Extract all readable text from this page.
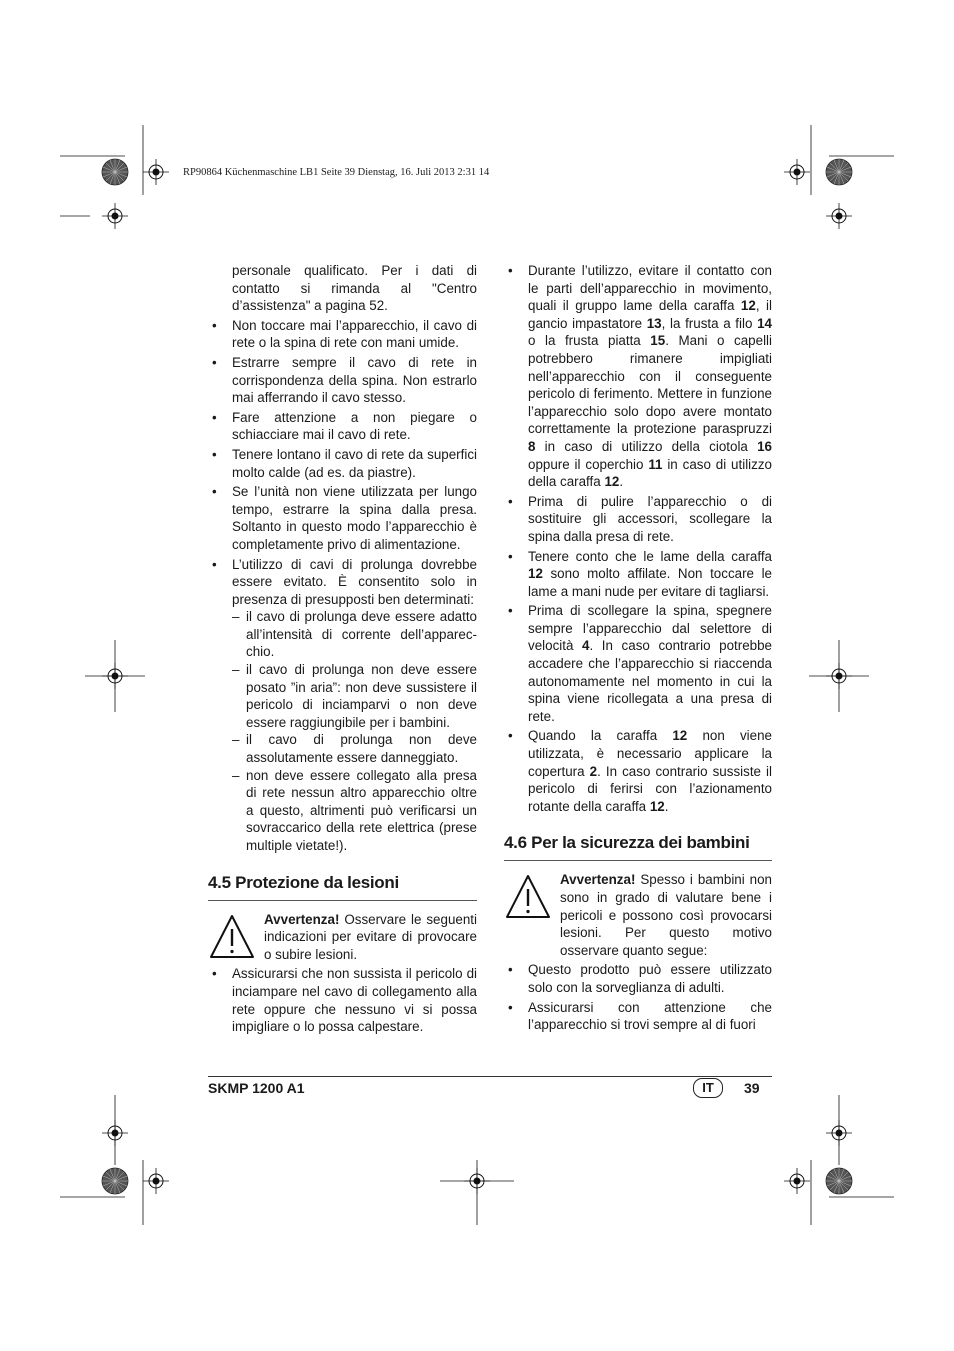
RP90864 Küchenmaschine LB1 Seite 39 Dienstag, 16. Juli 2013 2:31 14

personale qualificato. Per i dati di contatto si rimanda al "Centro d’assistenza" a pagina 52.

• Non toccare mai l’apparecchio, il cavo di rete o la spina di rete con mani umide.
• Estrarre sempre il cavo di rete in corrispondenza della spina. Non estrarlo mai afferrando il cavo stesso.
• Fare attenzione a non piegare o schiacciare mai il cavo di rete.
• Tenere lontano il cavo di rete da superfici molto calde (ad es. da piastre).
• Se l’unità non viene utilizzata per lungo tempo, estrarre la spina dalla presa. Soltanto in questo modo l’apparecchio è completamente privo di alimentazione.
• L’utilizzo di cavi di prolunga dovrebbe essere evitato. È consentito solo in presenza di presupposti ben determinati:
– il cavo di prolunga deve essere adatto all’intensità di corrente dell’apparec-chio.
– il cavo di prolunga non deve essere posato ”in aria”: non deve sussistere il pericolo di inciamparvi o non deve essere raggiungibile per i bambini.
– il cavo di prolunga non deve assolutamente essere danneggiato.
– non deve essere collegato alla presa di rete nessun altro apparecchio oltre a questo, altrimenti può verificarsi un sovraccarico della rete elettrica (prese multiple vietate!).
4.5 Protezione da lesioni
Avvertenza! Osservare le seguenti indicazioni per evitare di provocare o subire lesioni.
• Assicurarsi che non sussista il pericolo di inciampare nel cavo di collegamento alla rete oppure che nessuno vi si possa impigliare o lo possa calpestare.
• Durante l’utilizzo, evitare il contatto con le parti dell’apparecchio in movimento, quali il gruppo lame della caraffa 12, il gancio impastatore 13, la frusta a filo 14 o la frusta piatta 15. Mani o capelli potrebbero rimanere impigliati nell’apparecchio con il conseguente pericolo di ferimento. Mettere in funzione l’apparecchio solo dopo avere montato correttamente la protezione paraspruzzi 8 in caso di utilizzo della ciotola 16 oppure il coperchio 11 in caso di utilizzo della caraffa 12.
• Prima di pulire l’apparecchio o di sostituire gli accessori, scollegare la spina dalla presa di rete.
• Tenere conto che le lame della caraffa 12 sono molto affilate. Non toccare le lame a mani nude per evitare di tagliarsi.
• Prima di scollegare la spina, spegnere sempre l’apparecchio dal selettore di velocità 4. In caso contrario potrebbe accadere che l’apparecchio si riaccenda autonomamente nel momento in cui la spina viene ricollegata a una presa di rete.
• Quando la caraffa 12 non viene utilizzata, è necessario applicare la copertura 2. In caso contrario sussiste il pericolo di ferirsi con l’azionamento rotante della caraffa 12.
4.6 Per la sicurezza dei bambini
Avvertenza! Spesso i bambini non sono in grado di valutare bene i pericoli e possono così provocarsi lesioni. Per questo motivo osservare quanto segue:
• Questo prodotto può essere utilizzato solo con la sorveglianza di adulti.
• Assicurarsi con attenzione che l’apparecchio si trovi sempre al di fuori
SKMP 1200 A1	IT	39
